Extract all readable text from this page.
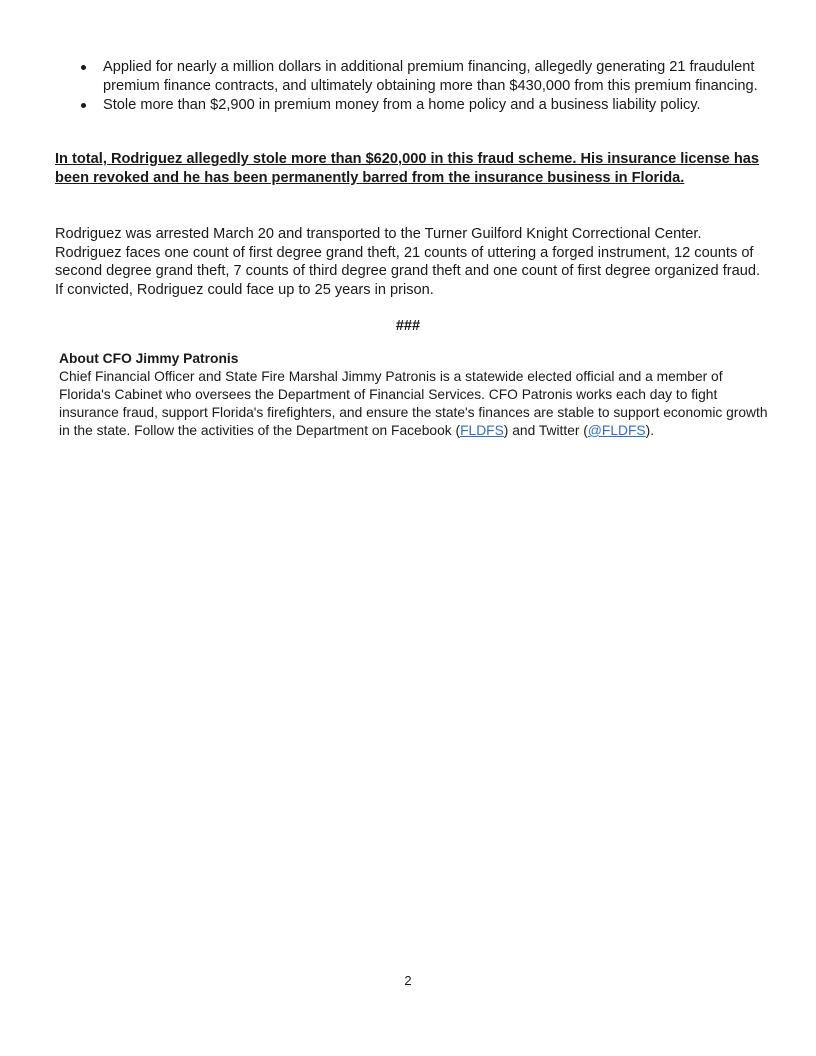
Applied for nearly a million dollars in additional premium financing, allegedly generating 21 fraudulent premium finance contracts, and ultimately obtaining more than $430,000 from this premium financing.
Stole more than $2,900 in premium money from a home policy and a business liability policy.

In total, Rodriguez allegedly stole more than $620,000 in this fraud scheme. His insurance license has been revoked and he has been permanently barred from the insurance business in Florida.

Rodriguez was arrested March 20 and transported to the Turner Guilford Knight Correctional Center. Rodriguez faces one count of first degree grand theft, 21 counts of uttering a forged instrument, 12 counts of second degree grand theft, 7 counts of third degree grand theft and one count of first degree organized fraud. If convicted, Rodriguez could face up to 25 years in prison.

###

About CFO Jimmy Patronis

Chief Financial Officer and State Fire Marshal Jimmy Patronis is a statewide elected official and a member of Florida's Cabinet who oversees the Department of Financial Services. CFO Patronis works each day to fight insurance fraud, support Florida's firefighters, and ensure the state's finances are stable to support economic growth in the state. Follow the activities of the Department on Facebook (FLDFS) and Twitter (@FLDFS).

2
